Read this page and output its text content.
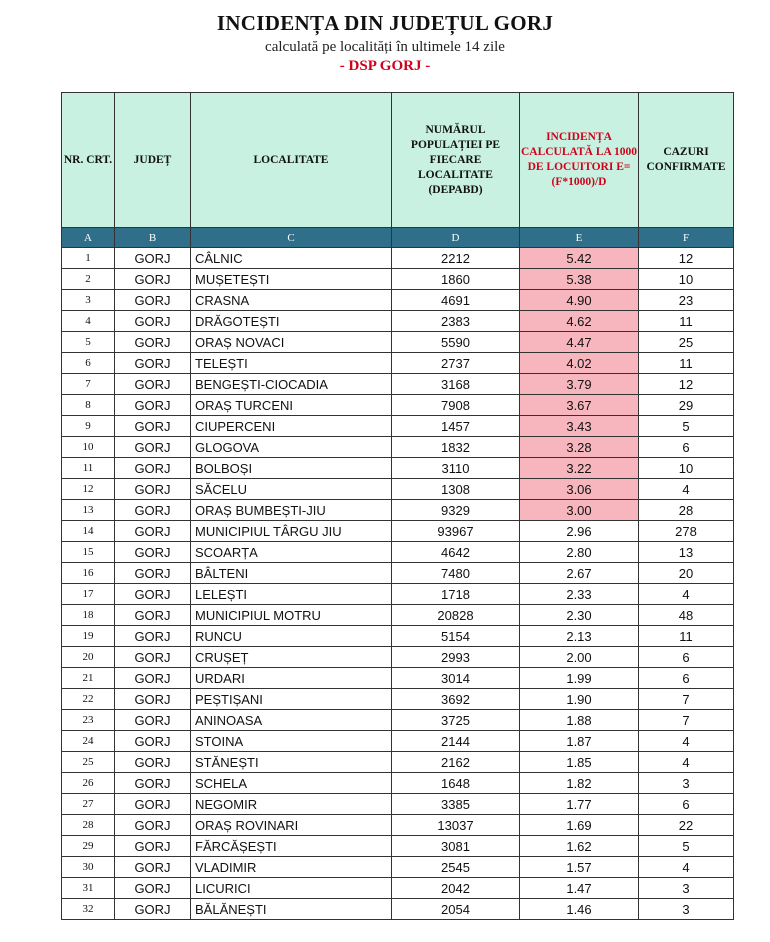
INCIDENȚA DIN JUDEȚUL GORJ
calculată pe localități în ultimele 14 zile
- DSP GORJ -
NR. CRT.	JUDEȚ	LOCALITATE	NUMĂRUL POPULAȚIEI PE FIECARE LOCALITATE (DEPABD)	INCIDENȚA CALCULATĂ LA 1000 DE LOCUITORI E=(F*1000)/D	CAZURI CONFIRMATE
A	B	C	D	E	F
1	GORJ	CÂLNIC	2212	5.42	12
2	GORJ	MUȘETEȘTI	1860	5.38	10
3	GORJ	CRASNA	4691	4.90	23
4	GORJ	DRĂGOTEȘTI	2383	4.62	11
5	GORJ	ORAȘ NOVACI	5590	4.47	25
6	GORJ	TELEȘTI	2737	4.02	11
7	GORJ	BENGEȘTI-CIOCADIA	3168	3.79	12
8	GORJ	ORAȘ TURCENI	7908	3.67	29
9	GORJ	CIUPERCENI	1457	3.43	5
10	GORJ	GLOGOVA	1832	3.28	6
11	GORJ	BOLBOȘI	3110	3.22	10
12	GORJ	SĂCELU	1308	3.06	4
13	GORJ	ORAȘ BUMBEȘTI-JIU	9329	3.00	28
14	GORJ	MUNICIPIUL TÂRGU JIU	93967	2.96	278
15	GORJ	SCOARȚA	4642	2.80	13
16	GORJ	BÂLTENI	7480	2.67	20
17	GORJ	LELEȘTI	1718	2.33	4
18	GORJ	MUNICIPIUL MOTRU	20828	2.30	48
19	GORJ	RUNCU	5154	2.13	11
20	GORJ	CRUȘEȚ	2993	2.00	6
21	GORJ	URDARI	3014	1.99	6
22	GORJ	PEȘTIȘANI	3692	1.90	7
23	GORJ	ANINOASA	3725	1.88	7
24	GORJ	STOINA	2144	1.87	4
25	GORJ	STĂNEȘTI	2162	1.85	4
26	GORJ	SCHELA	1648	1.82	3
27	GORJ	NEGOMIR	3385	1.77	6
28	GORJ	ORAȘ ROVINARI	13037	1.69	22
29	GORJ	FĂRCĂȘEȘTI	3081	1.62	5
30	GORJ	VLADIMIR	2545	1.57	4
31	GORJ	LICURICI	2042	1.47	3
32	GORJ	BĂLĂNEȘTI	2054	1.46	3
